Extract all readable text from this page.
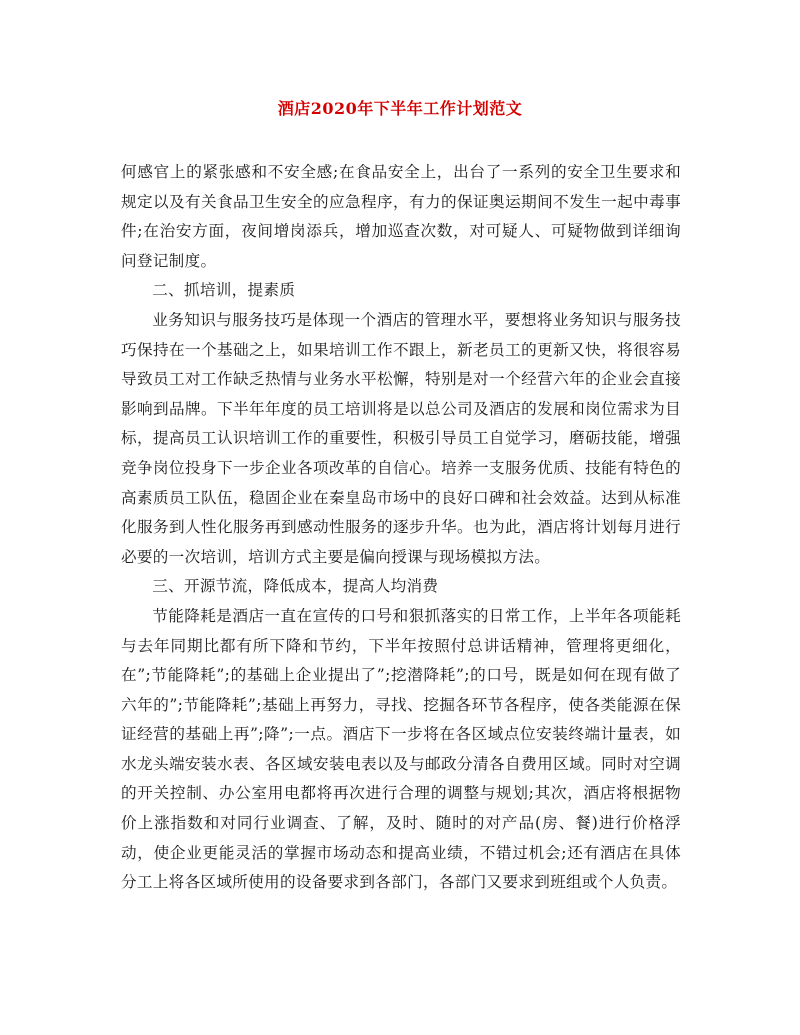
酒店2020年下半年工作计划范文

何感官上的紧张感和不安全感;在食品安全上，出台了一系列的安全卫生要求和规定以及有关食品卫生安全的应急程序，有力的保证奥运期间不发生一起中毒事件;在治安方面，夜间增岗添兵，增加巡查次数，对可疑人、可疑物做到详细询问登记制度。

二、抓培训，提素质

业务知识与服务技巧是体现一个酒店的管理水平，要想将业务知识与服务技巧保持在一个基础之上，如果培训工作不跟上，新老员工的更新又快，将很容易导致员工对工作缺乏热情与业务水平松懈，特别是对一个经营六年的企业会直接影响到品牌。下半年年度的员工培训将是以总公司及酒店的发展和岗位需求为目标，提高员工认识培训工作的重要性，积极引导员工自觉学习，磨砺技能，增强竞争岗位投身下一步企业各项改革的自信心。培养一支服务优质、技能有特色的高素质员工队伍，稳固企业在秦皇岛市场中的良好口碑和社会效益。达到从标准化服务到人性化服务再到感动性服务的逐步升华。也为此，酒店将计划每月进行必要的一次培训，培训方式主要是偏向授课与现场模拟方法。

三、开源节流，降低成本，提高人均消费

节能降耗是酒店一直在宣传的口号和狠抓落实的日常工作，上半年各项能耗与去年同期比都有所下降和节约，下半年按照付总讲话精神，管理将更细化，在”;节能降耗”;的基础上企业提出了”;挖潜降耗”;的口号，既是如何在现有做了六年的”;节能降耗”;基础上再努力，寻找、挖掘各环节各程序，使各类能源在保证经营的基础上再”;降”;一点。酒店下一步将在各区域点位安装终端计量表，如水龙头端安装水表、各区域安装电表以及与邮政分清各自费用区域。同时对空调的开关控制、办公室用电都将再次进行合理的调整与规划;其次，酒店将根据物价上涨指数和对同行业调查、了解，及时、随时的对产品(房、餐)进行价格浮动，使企业更能灵活的掌握市场动态和提高业绩，不错过机会;还有酒店在具体分工上将各区域所使用的设备要求到各部门，各部门又要求到班组或个人负责。
